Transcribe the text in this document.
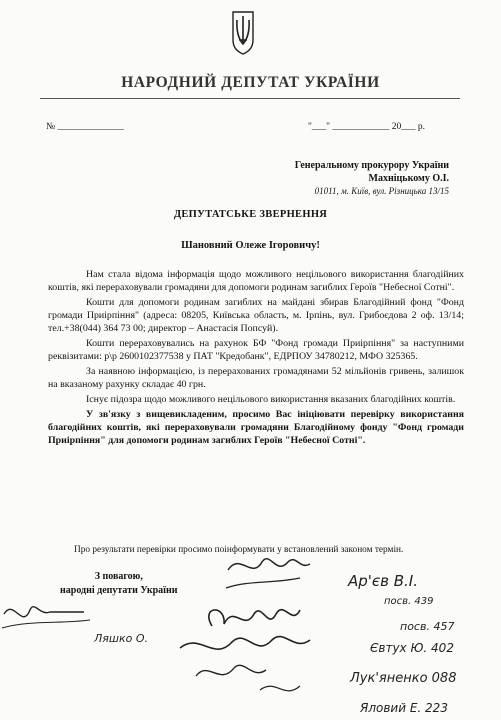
НАРОДНИЙ ДЕПУТАТ УКРАЇНИ
№ ______________	"___" ____________ 20___ р.
Генеральному прокурору України
Махніцькому О.І.
01011, м. Київ, вул. Різницька 13/15
ДЕПУТАТСЬКЕ ЗВЕРНЕННЯ
Шановний Олеже Ігоровичу!

Нам стала відома інформація щодо можливого нецільового використання благодійних коштів, які перераховували громадяни для допомоги родинам загиблих Героїв "Небесної Сотні".

Кошти для допомоги родинам загиблих на майдані збирав Благодійний фонд "Фонд громади Приірпіння" (адреса: 08205, Київська область, м. Ірпінь, вул. Грибоєдова 2 оф. 13/14; тел.+38(044) 364 73 00; директор – Анастасія Попсуй).

Кошти перераховувались на рахунок БФ "Фонд громади Приірпіння" за наступними реквізитами: р\р 2600102377538 у ПАТ "Кредобанк", ЕДРПОУ 34780212, МФО 325365.

За наявною інформацією, із перерахованих громадянами 52 мільйонів гривень, залишок на вказаному рахунку складає 40 грн.

Існує підозра щодо можливого нецільового використання вказаних благодійних коштів.

У зв'язку з вищевикладеним, просимо Вас ініціювати перевірку використання благодійних коштів, які перераховували громадяни Благодійному фонду "Фонд громади Приірпіння" для допомоги родинам загиблих Героїв "Небесної Сотні".

Про результати перевірки просимо поінформувати у встановлений законом термін.
З повагою,
народні депутати України
Ар'єв В.І.
посв. 439
Ляшко О.
посв. 457
Євтух Ю. 402
Лук'яненко 088
Яловий Е. 223
